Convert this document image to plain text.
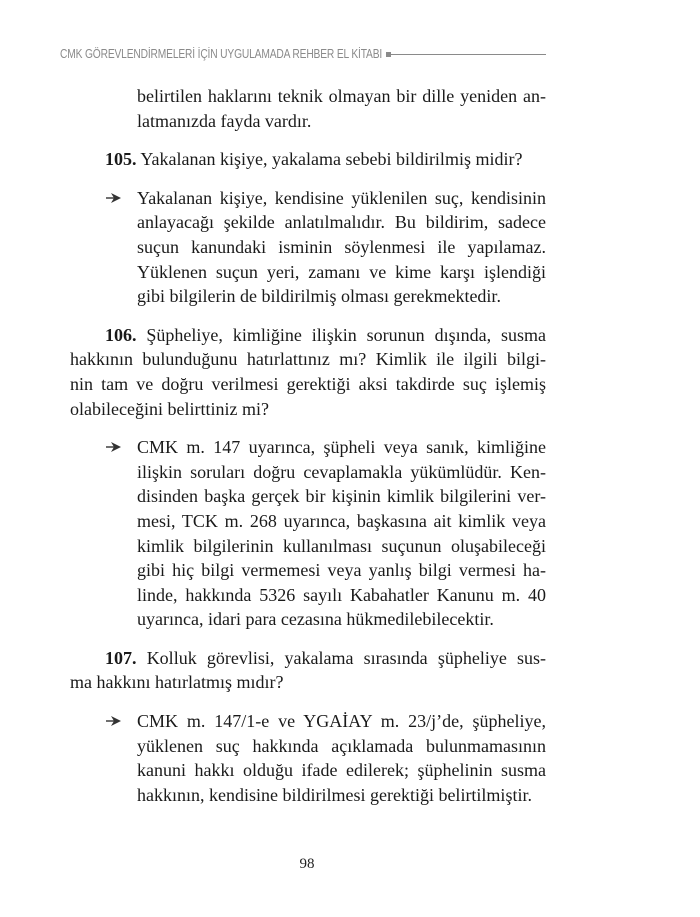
CMK GÖREVLENDİRMELERİ İÇİN UYGULAMADA REHBER EL KİTABI
belirtilen haklarını teknik olmayan bir dille yeniden an-
latmanızda fayda vardır.
105. Yakalanan kişiye, yakalama sebebi bildirilmiş midir?
Yakalanan kişiye, kendisine yüklenilen suç, kendisinin
anlayacağı şekilde anlatılmalıdır. Bu bildirim, sadece
suçun kanundaki isminin söylenmesi ile yapılamaz.
Yüklenen suçun yeri, zamanı ve kime karşı işlendiği
gibi bilgilerin de bildirilmiş olması gerekmektedir.
106. Şüpheliye, kimliğine ilişkin sorunun dışında, susma
hakkının bulunduğunu hatırlattınız mı? Kimlik ile ilgili bilgi-
nin tam ve doğru verilmesi gerektiği aksi takdirde suç işlemiş
olabileceğini belirttiniz mi?
CMK m. 147 uyarınca, şüpheli veya sanık, kimliğine
ilişkin soruları doğru cevaplamakla yükümlüdür. Ken-
disinden başka gerçek bir kişinin kimlik bilgilerini ver-
mesi, TCK m. 268 uyarınca, başkasına ait kimlik veya
kimlik bilgilerinin kullanılması suçunun oluşabileceği
gibi hiç bilgi vermemesi veya yanlış bilgi vermesi ha-
linde, hakkında 5326 sayılı Kabahatler Kanunu m. 40
uyarınca, idari para cezasına hükmedilebilecektir.
107. Kolluk görevlisi, yakalama sırasında şüpheliye sus-
ma hakkını hatırlatmış mıdır?
CMK m. 147/1-e ve YGAİAY m. 23/j’de, şüpheliye,
yüklenen suç hakkında açıklamada bulunmamasının
kanuni hakkı olduğu ifade edilerek; şüphelinin susma
hakkının, kendisine bildirilmesi gerektiği belirtilmiştir.
98
